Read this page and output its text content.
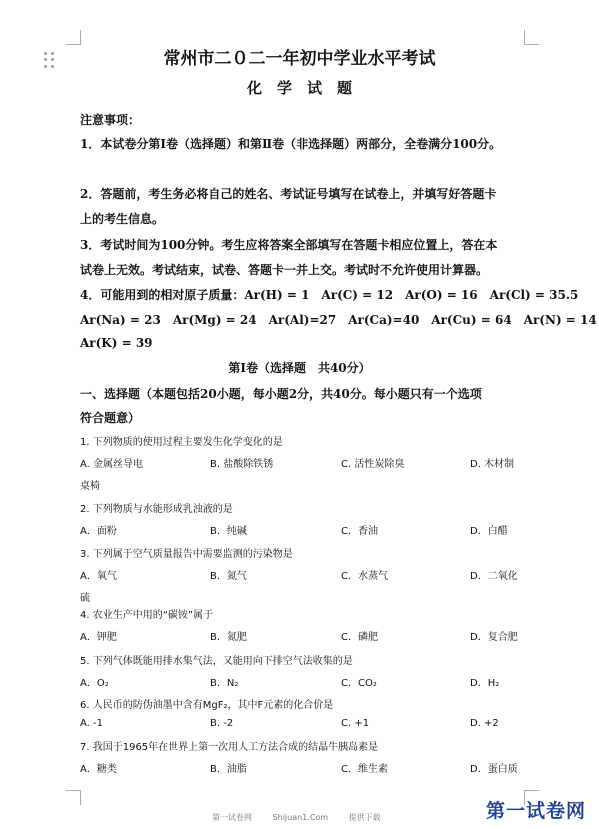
常州市二０二一年初中学业水平考试
化　学　试　题
注意事项：
1．本试卷分第Ⅰ卷（选择题）和第Ⅱ卷（非选择题）两部分，全卷满分100分。
2．答题前，考生务必将自己的姓名、考试证号填写在试卷上，并填写好答题卡
上的考生信息。
3．考试时间为100分钟。考生应将答案全部填写在答题卡相应位置上，答在本
试卷上无效。考试结束，试卷、答题卡一并上交。考试时不允许使用计算器。
4．可能用到的相对原子质量：Ar(H) = 1　Ar(C) = 12　Ar(O) = 16　Ar(Cl) = 35.5
Ar(Na) = 23　Ar(Mg) = 24　Ar(Al)=27　Ar(Ca)=40　Ar(Cu) = 64　Ar(N) = 14
Ar(K) = 39
第Ⅰ卷（选择题　共40分）
一、选择题（本题包括20小题，每小题2分，共40分。每小题只有一个选项
符合题意）
1. 下列物质的使用过程主要发生化学变化的是
A. 金属丝导电	B. 盐酸除铁锈	C. 活性炭除臭	D. 木材制
桌椅
2. 下列物质与水能形成乳浊液的是
A．面粉	B．纯碱	C．香油	D．白醋
3. 下列属于空气质量报告中需要监测的污染物是
A．氧气	B．氮气	C．水蒸气	D．二氧化
硫
4. 农业生产中用的“碳铵”属于
A．钾肥	B．氮肥	C．磷肥	D．复合肥
5. 下列气体既能用排水集气法，又能用向下排空气法收集的是
A．O₂	B．N₂	C．CO₂	D．H₂
6. 人民币的防伪油墨中含有MgF₂，其中F元素的化合价是
A. -1	B. -2	C. +1	D. +2
7. 我国于1965年在世界上第一次用人工方法合成的结晶牛胰岛素是
A．糖类	B．油脂	C．维生素	D．蛋白质
第一试卷网	Shijuan1.Com	提供下载	第一试卷网
